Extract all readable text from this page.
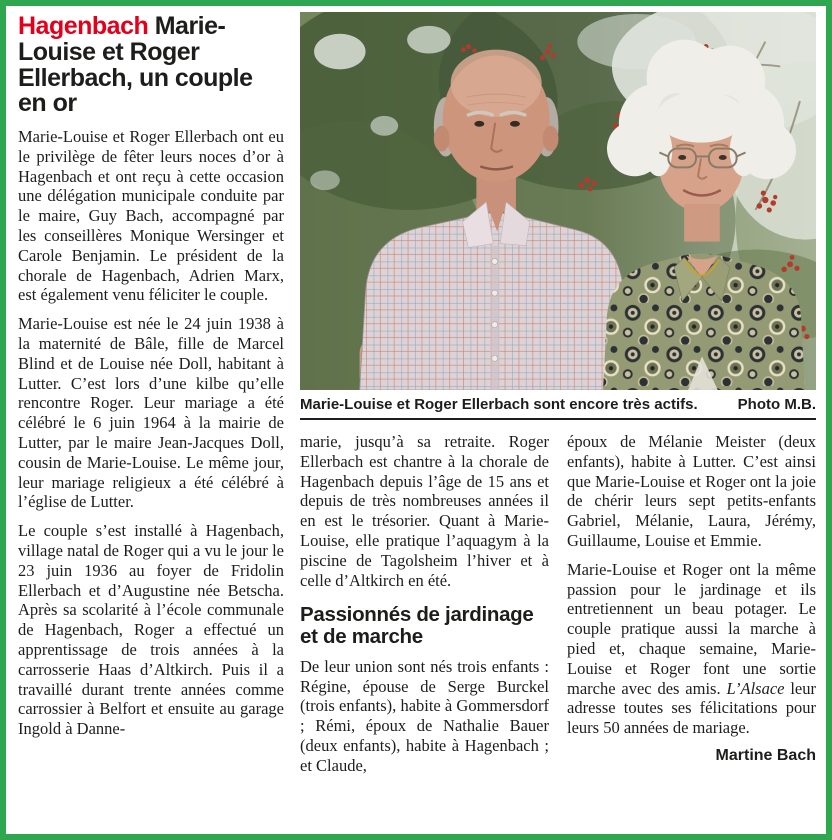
Hagenbach Marie-Louise et Roger Ellerbach, un couple en or

Marie-Louise et Roger Ellerbach ont eu le privilège de fêter leurs noces d’or à Hagenbach et ont reçu à cette occasion une délégation municipale conduite par le maire, Guy Bach, accompagné par les conseillères Monique Wersinger et Carole Benjamin. Le président de la chorale de Hagenbach, Adrien Marx, est également venu féliciter le couple.

Marie-Louise est née le 24 juin 1938 à la maternité de Bâle, fille de Marcel Blind et de Louise née Doll, habitant à Lutter. C’est lors d’une kilbe qu’elle rencontre Roger. Leur mariage a été célébré le 6 juin 1964 à la mairie de Lutter, par le maire Jean-Jacques Doll, cousin de Marie-Louise. Le même jour, leur mariage religieux a été célébré à l’église de Lutter.

Le couple s’est installé à Hagenbach, village natal de Roger qui a vu le jour le 23 juin 1936 au foyer de Fridolin Ellerbach et d’Augustine née Betscha. Après sa scolarité à l’école communale de Hagenbach, Roger a effectué un apprentissage de trois années à la carrosserie Haas d’Altkirch. Puis il a travaillé durant trente années comme carrossier à Belfort et ensuite au garage Ingold à Danne-

Marie-Louise et Roger Ellerbach sont encore très actifs.	Photo M.B.

marie, jusqu’à sa retraite. Roger Ellerbach est chantre à la chorale de Hagenbach depuis l’âge de 15 ans et depuis de très nombreuses années il en est le trésorier. Quant à Marie-Louise, elle pratique l’aquagym à la piscine de Tagolsheim l’hiver et à celle d’Altkirch en été.

Passionnés de jardinage et de marche

De leur union sont nés trois enfants : Régine, épouse de Serge Burckel (trois enfants), habite à Gommersdorf ; Rémi, époux de Nathalie Bauer (deux enfants), habite à Hagenbach ; et Claude,

époux de Mélanie Meister (deux enfants), habite à Lutter. C’est ainsi que Marie-Louise et Roger ont la joie de chérir leurs sept petits-enfants Gabriel, Mélanie, Laura, Jérémy, Guillaume, Louise et Emmie.

Marie-Louise et Roger ont la même passion pour le jardinage et ils entretiennent un beau potager. Le couple pratique aussi la marche à pied et, chaque semaine, Marie-Louise et Roger font une sortie marche avec des amis. L’Alsace leur adresse toutes ses félicitations pour leurs 50 années de mariage.

Martine Bach
